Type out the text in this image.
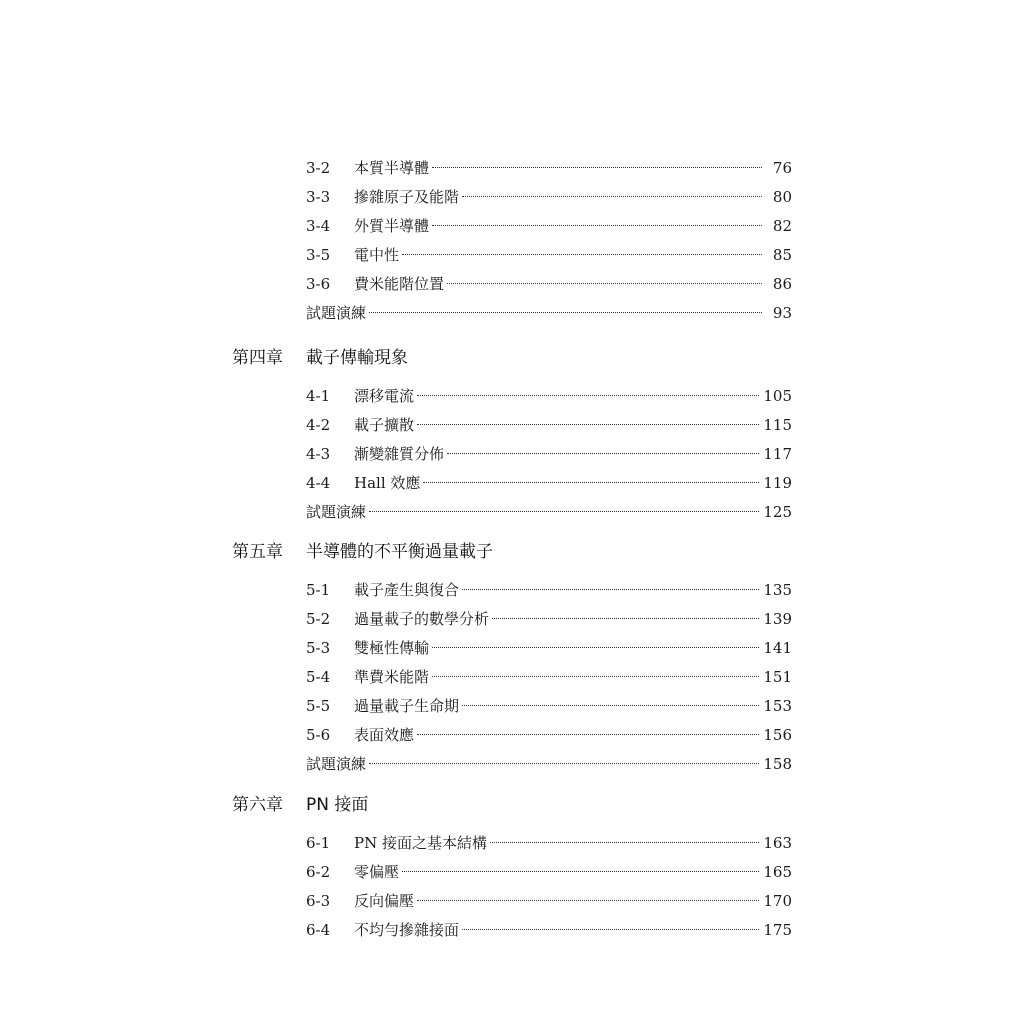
3-2	本質半導體	76
3-3	摻雜原子及能階	80
3-4	外質半導體	82
3-5	電中性	85
3-6	費米能階位置	86
試題演練	93
第四章 載子傳輸現象
4-1	漂移電流	105
4-2	載子擴散	115
4-3	漸變雜質分佈	117
4-4	Hall 效應	119
試題演練	125
第五章 半導體的不平衡過量載子
5-1	載子產生與復合	135
5-2	過量載子的數學分析	139
5-3	雙極性傳輸	141
5-4	準費米能階	151
5-5	過量載子生命期	153
5-6	表面效應	156
試題演練	158
第六章 PN 接面
6-1	PN 接面之基本結構	163
6-2	零偏壓	165
6-3	反向偏壓	170
6-4	不均勻摻雜接面	175
